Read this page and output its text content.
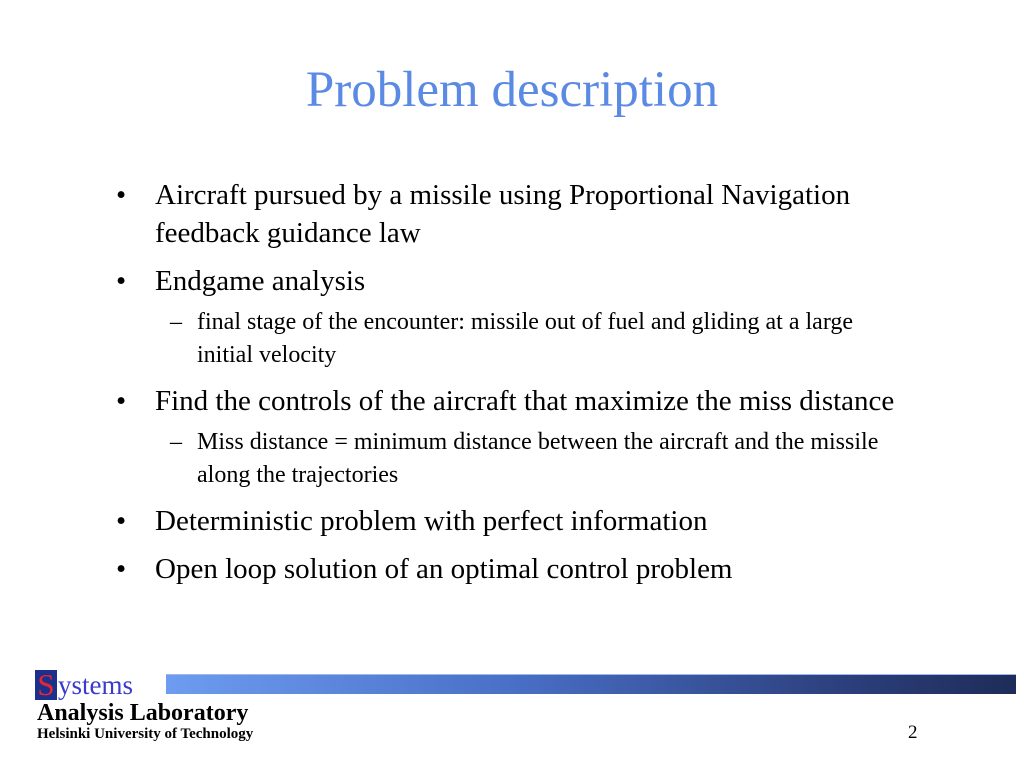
Problem description
• Aircraft pursued by a missile using Proportional Navigation feedback guidance law
• Endgame analysis
– final stage of the encounter: missile out of fuel and gliding at a large initial velocity
• Find the controls of the aircraft that maximize the miss distance
– Miss distance = minimum distance between the aircraft and the missile along the trajectories
• Deterministic problem with perfect information
• Open loop solution of an optimal control problem
S ystems
Analysis Laboratory
Helsinki University of Technology	2
